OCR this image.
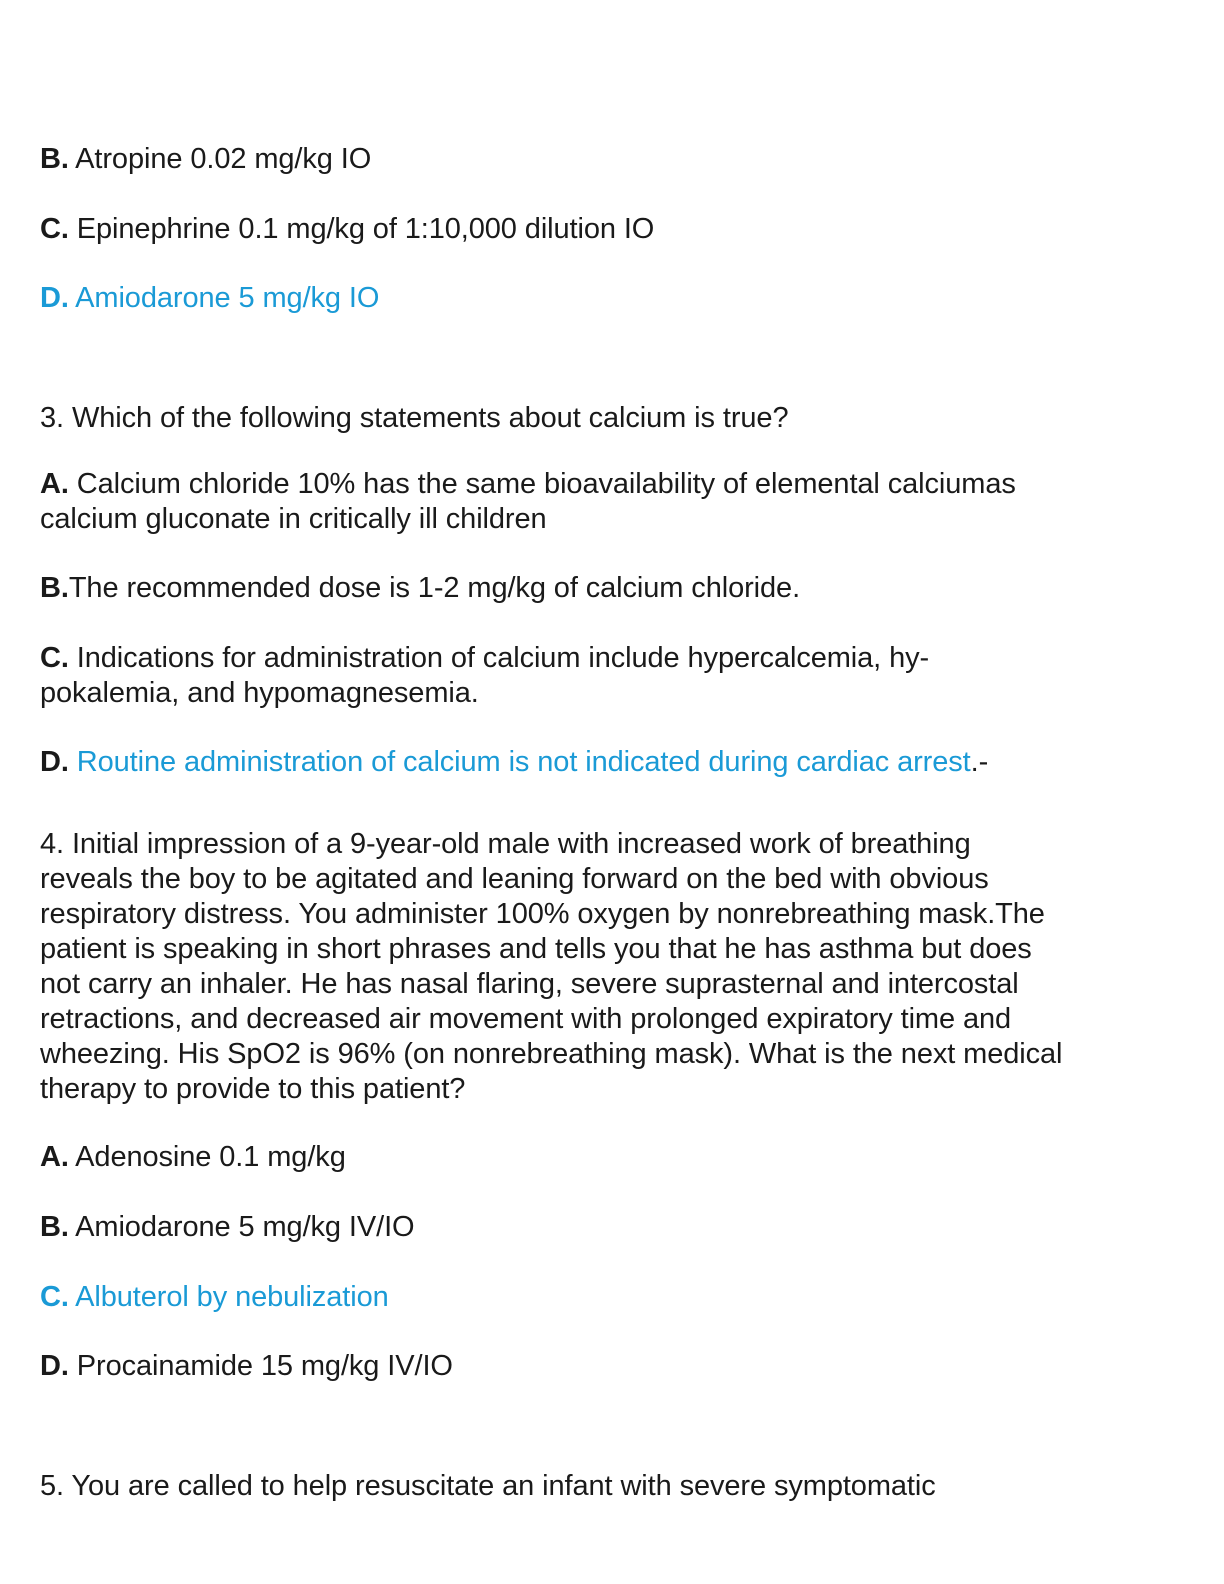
B. Atropine 0.02 mg/kg IO
C. Epinephrine 0.1 mg/kg of 1:10,000 dilution IO
D. Amiodarone 5 mg/kg IO
3. Which of the following statements about calcium is true?
A. Calcium chloride 10% has the same bioavailability of elemental calciumas
calcium gluconate in critically ill children
B.The recommended dose is 1-2 mg/kg of calcium chloride.
C. Indications for administration of calcium include hypercalcemia, hy-
pokalemia, and hypomagnesemia.
D. Routine administration of calcium is not indicated during cardiac arrest.-
4. Initial impression of a 9-year-old male with increased work of breathing
reveals the boy to be agitated and leaning forward on the bed with obvious
respiratory distress. You administer 100% oxygen by nonrebreathing mask.The
patient is speaking in short phrases and tells you that he has asthma but does
not carry an inhaler. He has nasal flaring, severe suprasternal and intercostal
retractions, and decreased air movement with prolonged expiratory time and
wheezing. His SpO2 is 96% (on nonrebreathing mask). What is the next medical
therapy to provide to this patient?
A. Adenosine 0.1 mg/kg
B. Amiodarone 5 mg/kg IV/IO
C. Albuterol by nebulization
D. Procainamide 15 mg/kg IV/IO
5. You are called to help resuscitate an infant with severe symptomatic
